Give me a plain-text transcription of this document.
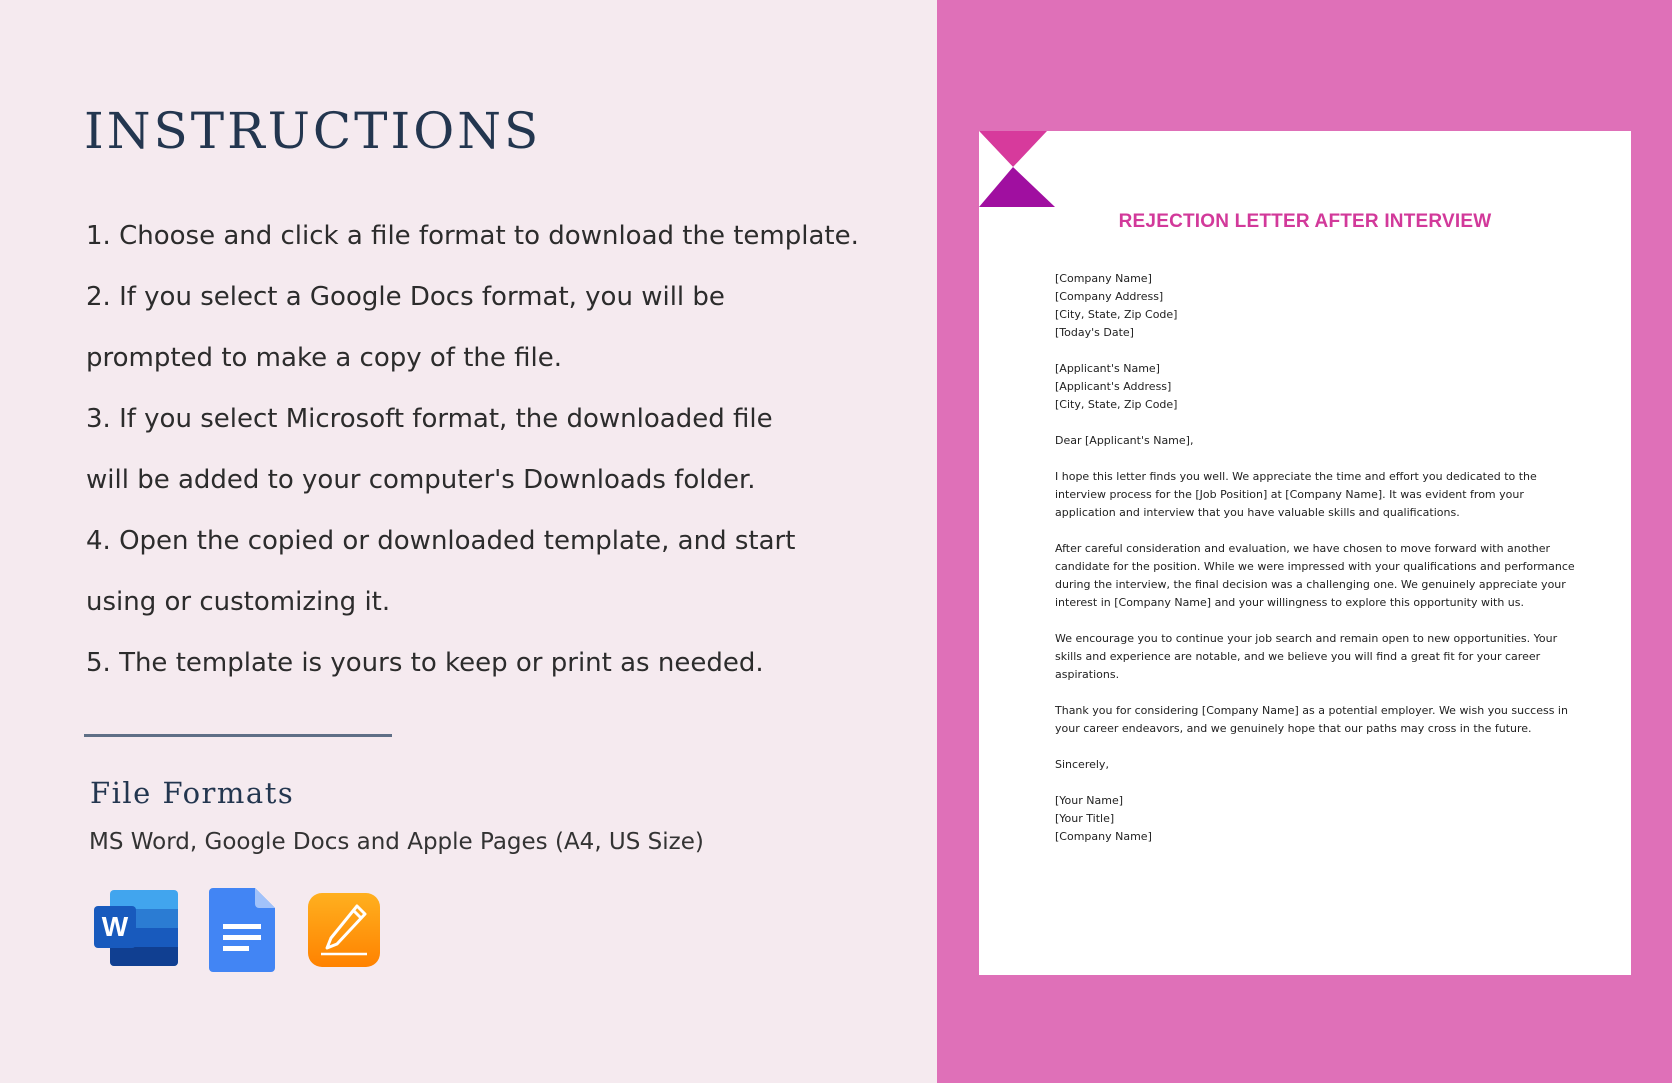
INSTRUCTIONS
1. Choose and click a file format to download the template.
2. If you select a Google Docs format, you will be
prompted to make a copy of the file.
3. If you select Microsoft format, the downloaded file
will be added to your computer's Downloads folder.
4. Open the copied or downloaded template, and start
using or customizing it.
5. The template is yours to keep or print as needed.
File Formats

MS Word, Google Docs and Apple Pages (A4, US Size)

W
REJECTION LETTER AFTER INTERVIEW
[Company Name]
[Company Address]
[City, State, Zip Code]
[Today's Date]
[Applicant's Name]
[Applicant's Address]
[City, State, Zip Code]
Dear [Applicant's Name],
I hope this letter finds you well. We appreciate the time and effort you dedicated to the
interview process for the [Job Position] at [Company Name]. It was evident from your
application and interview that you have valuable skills and qualifications.
After careful consideration and evaluation, we have chosen to move forward with another
candidate for the position. While we were impressed with your qualifications and performance
during the interview, the final decision was a challenging one. We genuinely appreciate your
interest in [Company Name] and your willingness to explore this opportunity with us.
We encourage you to continue your job search and remain open to new opportunities. Your
skills and experience are notable, and we believe you will find a great fit for your career
aspirations.
Thank you for considering [Company Name] as a potential employer. We wish you success in
your career endeavors, and we genuinely hope that our paths may cross in the future.
Sincerely,
[Your Name]
[Your Title]
[Company Name]
